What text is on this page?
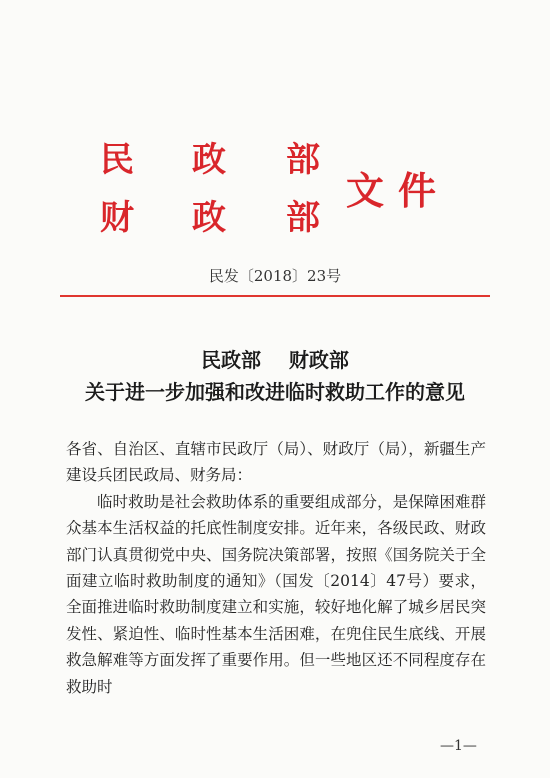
民 政 部
财 政 部
文件
民发〔2018〕23号
民政部    财政部
关于进一步加强和改进临时救助工作的意见

各省、自治区、直辖市民政厅（局）、财政厅（局），新疆生产建设兵团民政局、财务局：

临时救助是社会救助体系的重要组成部分，是保障困难群众基本生活权益的托底性制度安排。近年来，各级民政、财政部门认真贯彻党中央、国务院决策部署，按照《国务院关于全面建立临时救助制度的通知》（国发〔2014〕47号）要求，全面推进临时救助制度建立和实施，较好地化解了城乡居民突发性、紧迫性、临时性基本生活困难，在兜住民生底线、开展救急解难等方面发挥了重要作用。但一些地区还不同程度存在救助时

—1—
